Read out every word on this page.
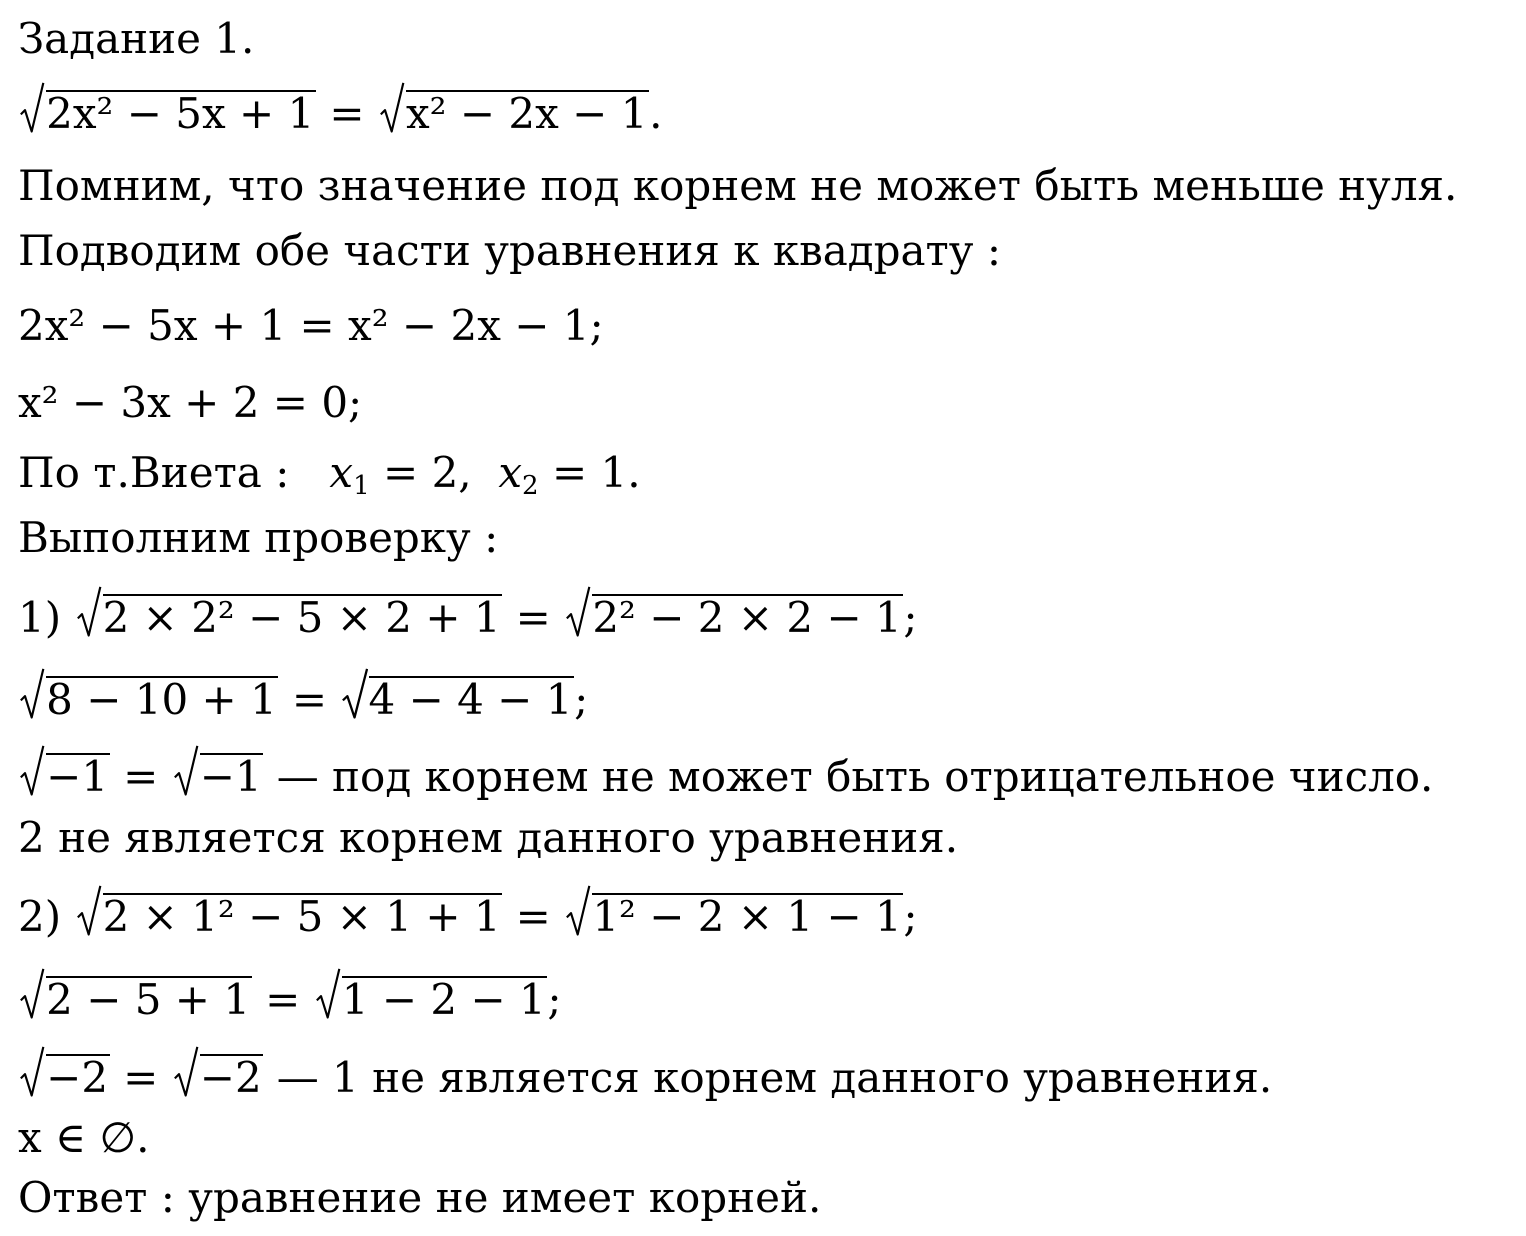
Задание 1.
2x² − 5x + 1 = x² − 2x − 1.
Помним, что значение под корнем не может быть меньше нуля.
Подводим обе части уравнения к квадрату :
2x² − 5x + 1 = x² − 2x − 1;
x² − 3x + 2 = 0;
По т.Виета : $x_1 = 2$,  $x_2 = 1$.
Выполним проверку :
1) 2 × 2² − 5 × 2 + 1 = 2² − 2 × 2 − 1;
8 − 10 + 1 = 4 − 4 − 1;
−1 = −1 — под корнем не может быть отрицательное число.
2 не является корнем данного уравнения.
2) 2 × 1² − 5 × 1 + 1 = 1² − 2 × 1 − 1;
2 − 5 + 1 = 1 − 2 − 1;
−2 = −2 — 1 не является корнем данного уравнения.
x ∈ ∅.
Ответ : уравнение не имеет корней.
